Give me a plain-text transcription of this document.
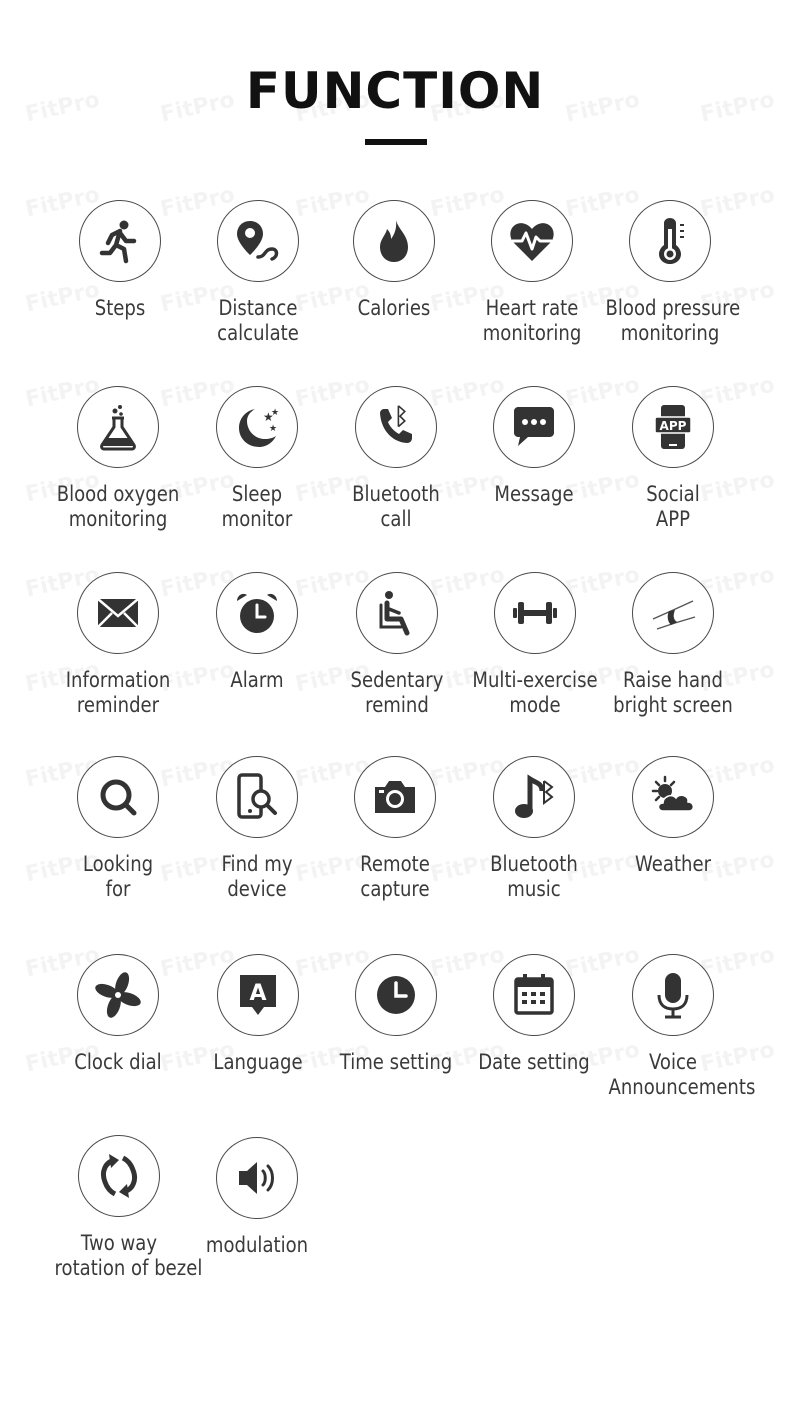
FUNCTION
Steps	Distance
calculate
Calories	Heart rate
monitoring
Blood pressure
monitoring
Blood oxygen
monitoring
★
★
★
Sleep
monitor
Bluetooth
call
Message

APP
Social
APP
Information
reminder
Alarm	Sedentary
remind
Multi-exercise
mode
Raise hand
bright screen
Looking
for
Find my
device
Remote
capture
Bluetooth
music
Weather

Clock dial

A
Language	Time setting	Date setting	Voice
Announcements
Two way
rotation of bezel
modulation
